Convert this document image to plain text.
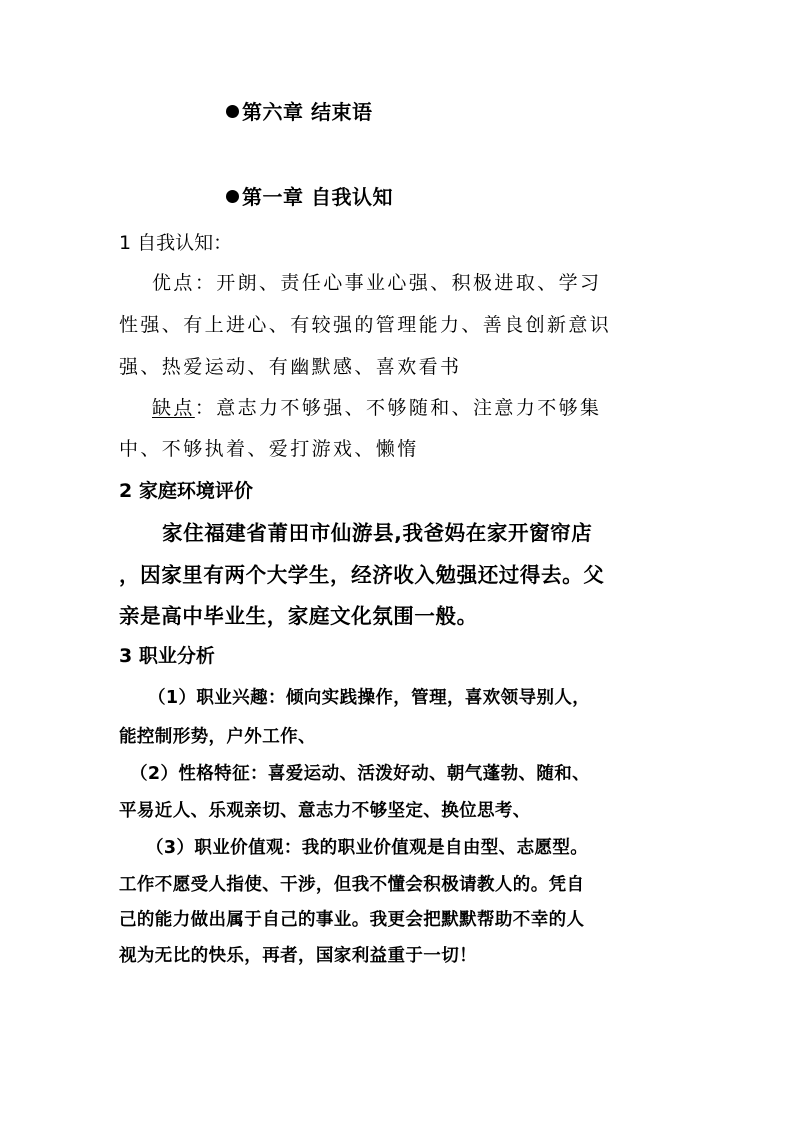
第六章 结束语
第一章 自我认知
1 自我认知：
优点：开朗、责任心事业心强、积极进取、学习
性强、有上进心、有较强的管理能力、善良创新意识
强、热爱运动、有幽默感、喜欢看书
缺点：意志力不够强、不够随和、注意力不够集
中、不够执着、爱打游戏、懒惰
2 家庭环境评价
家住福建省莆田市仙游县,我爸妈在家开窗帘店
，因家里有两个大学生，经济收入勉强还过得去。父
亲是高中毕业生，家庭文化氛围一般。
3 职业分析
（1）职业兴趣：倾向实践操作，管理，喜欢领导别人，
能控制形势，户外工作、
（2）性格特征：喜爱运动、活泼好动、朝气蓬勃、随和、
平易近人、乐观亲切、意志力不够坚定、换位思考、
（3）职业价值观：我的职业价值观是自由型、志愿型。
工作不愿受人指使、干涉，但我不懂会积极请教人的。凭自
己的能力做出属于自己的事业。我更会把默默帮助不幸的人
视为无比的快乐，再者，国家利益重于一切！
